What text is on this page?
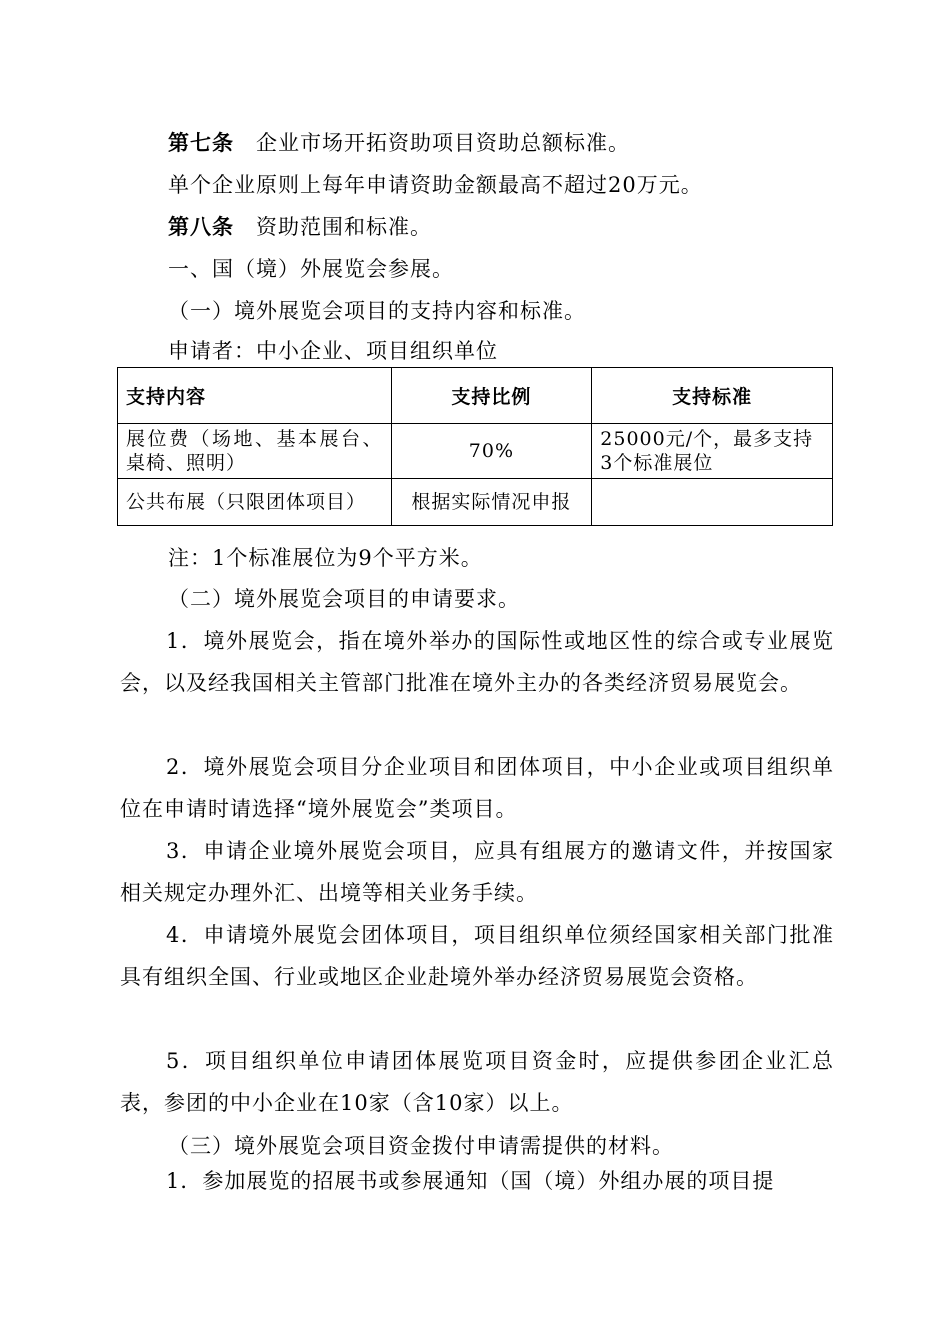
第七条 企业市场开拓资助项目资助总额标准。
单个企业原则上每年申请资助金额最高不超过20万元。
第八条 资助范围和标准。
一、国（境）外展览会参展。
（一）境外展览会项目的支持内容和标准。
申请者：中小企业、项目组织单位
支持内容	支持比例	支持标准
展位费（场地、基本展台、桌椅、照明）	70%	25000元/个，最多支持3个标准展位
公共布展（只限团体项目）	根据实际情况申报	
注：1个标准展位为9个平方米。
（二）境外展览会项目的申请要求。
1．境外展览会，指在境外举办的国际性或地区性的综合或专业展览会，以及经我国相关主管部门批准在境外主办的各类经济贸易展览会。
2．境外展览会项目分企业项目和团体项目，中小企业或项目组织单位在申请时请选择“境外展览会”类项目。
3．申请企业境外展览会项目，应具有组展方的邀请文件，并按国家相关规定办理外汇、出境等相关业务手续。
4．申请境外展览会团体项目，项目组织单位须经国家相关部门批准具有组织全国、行业或地区企业赴境外举办经济贸易展览会资格。
5．项目组织单位申请团体展览项目资金时，应提供参团企业汇总表，参团的中小企业在10家（含10家）以上。
（三）境外展览会项目资金拨付申请需提供的材料。
1．参加展览的招展书或参展通知（国（境）外组办展的项目提
